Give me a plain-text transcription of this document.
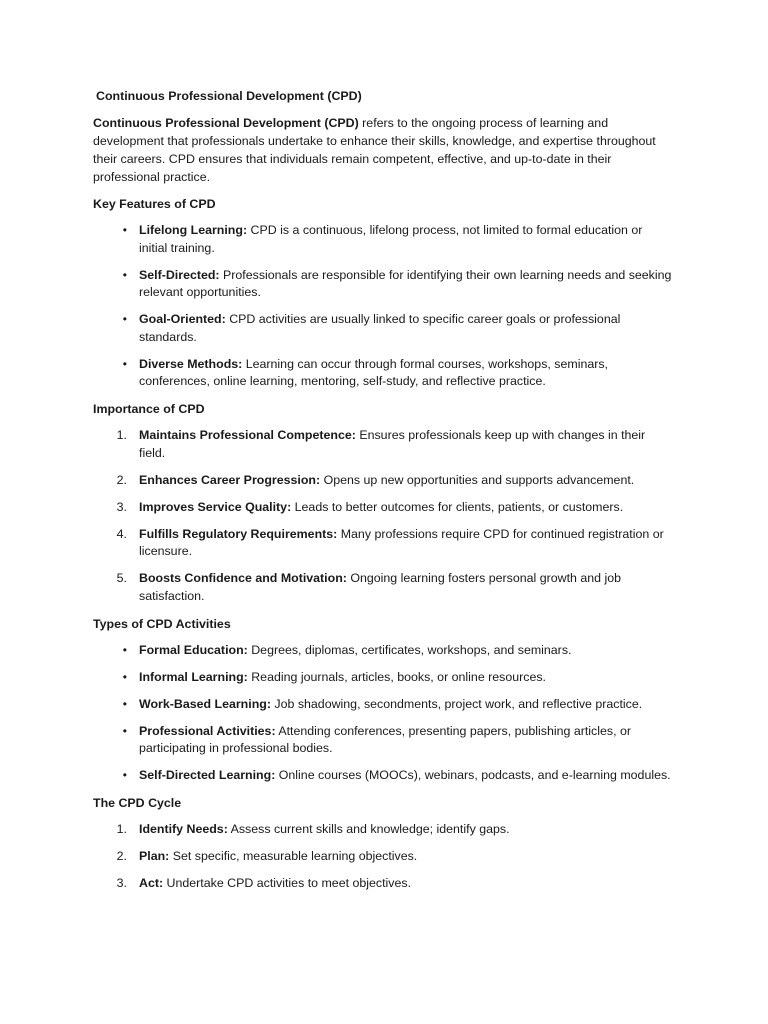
Continuous Professional Development (CPD)

Continuous Professional Development (CPD) refers to the ongoing process of learning and development that professionals undertake to enhance their skills, knowledge, and expertise throughout their careers. CPD ensures that individuals remain competent, effective, and up-to-date in their professional practice.

Key Features of CPD
• Lifelong Learning: CPD is a continuous, lifelong process, not limited to formal education or initial training.
• Self-Directed: Professionals are responsible for identifying their own learning needs and seeking relevant opportunities.
• Goal-Oriented: CPD activities are usually linked to specific career goals or professional standards.
• Diverse Methods: Learning can occur through formal courses, workshops, seminars, conferences, online learning, mentoring, self-study, and reflective practice.
Importance of CPD
1. Maintains Professional Competence: Ensures professionals keep up with changes in their field.
2. Enhances Career Progression: Opens up new opportunities and supports advancement.
3. Improves Service Quality: Leads to better outcomes for clients, patients, or customers.
4. Fulfills Regulatory Requirements: Many professions require CPD for continued registration or licensure.
5. Boosts Confidence and Motivation: Ongoing learning fosters personal growth and job satisfaction.
Types of CPD Activities
• Formal Education: Degrees, diplomas, certificates, workshops, and seminars.
• Informal Learning: Reading journals, articles, books, or online resources.
• Work-Based Learning: Job shadowing, secondments, project work, and reflective practice.
• Professional Activities: Attending conferences, presenting papers, publishing articles, or participating in professional bodies.
• Self-Directed Learning: Online courses (MOOCs), webinars, podcasts, and e-learning modules.
The CPD Cycle
1. Identify Needs: Assess current skills and knowledge; identify gaps.
2. Plan: Set specific, measurable learning objectives.
3. Act: Undertake CPD activities to meet objectives.
